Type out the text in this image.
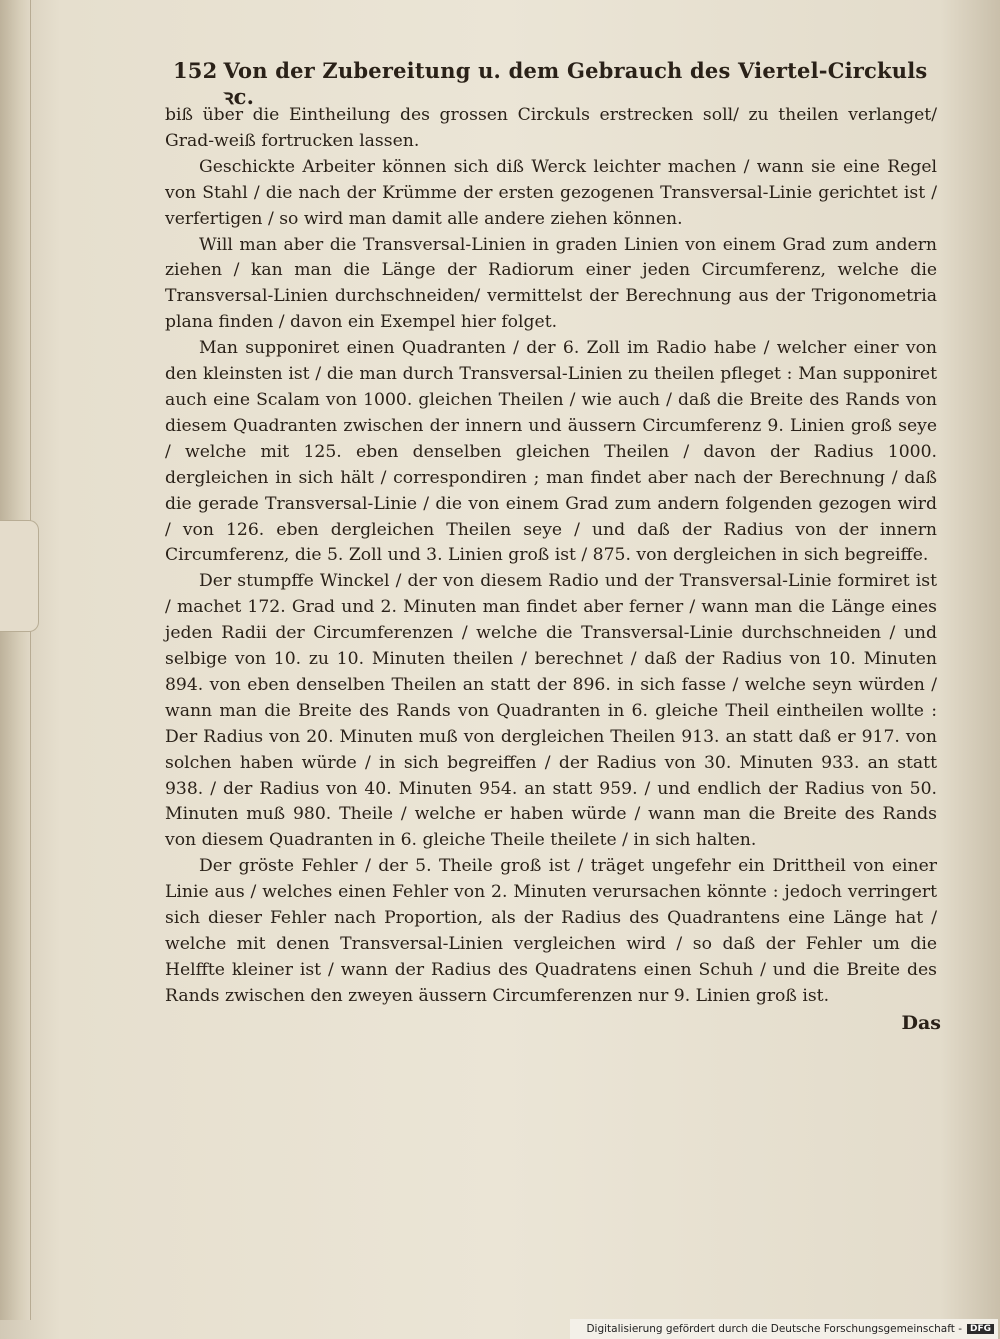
152 Von der Zubereitung u. dem Gebrauch des Viertel-Circkuls ꝛc.

biß über die Eintheilung des grossen Circkuls erstrecken soll/ zu theilen verlanget/ Grad-weiß fortrucken lassen.

Geschickte Arbeiter können sich diß Werck leichter machen / wann sie eine Regel von Stahl / die nach der Krümme der ersten gezogenen Transversal-Linie gerichtet ist / verfertigen / so wird man damit alle andere ziehen können.

Will man aber die Transversal-Linien in graden Linien von einem Grad zum andern ziehen / kan man die Länge der Radiorum einer jeden Circumferenz, welche die Transversal-Linien durchschneiden/ vermittelst der Berechnung aus der Trigonometria plana finden / davon ein Exempel hier folget.

Man supponiret einen Quadranten / der 6. Zoll im Radio habe / welcher einer von den kleinsten ist / die man durch Transversal-Linien zu theilen pfleget : Man supponiret auch eine Scalam von 1000. gleichen Theilen / wie auch / daß die Breite des Rands von diesem Quadranten zwischen der innern und äussern Circumferenz 9. Linien groß seye / welche mit 125. eben denselben gleichen Theilen / davon der Radius 1000. dergleichen in sich hält / correspondiren ; man findet aber nach der Berechnung / daß die gerade Transversal-Linie / die von einem Grad zum andern folgenden gezogen wird / von 126. eben dergleichen Theilen seye / und daß der Radius von der innern Circumferenz, die 5. Zoll und 3. Linien groß ist / 875. von dergleichen in sich begreiffe.

Der stumpffe Winckel / der von diesem Radio und der Transversal-Linie formiret ist / machet 172. Grad und 2. Minuten man findet aber ferner / wann man die Länge eines jeden Radii der Circumferenzen / welche die Transversal-Linie durchschneiden / und selbige von 10. zu 10. Minuten theilen / berechnet / daß der Radius von 10. Minuten 894. von eben denselben Theilen an statt der 896. in sich fasse / welche seyn würden / wann man die Breite des Rands von Quadranten in 6. gleiche Theil eintheilen wollte : Der Radius von 20. Minuten muß von dergleichen Theilen 913. an statt daß er 917. von solchen haben würde / in sich begreiffen / der Radius von 30. Minuten 933. an statt 938. / der Radius von 40. Minuten 954. an statt 959. / und endlich der Radius von 50. Minuten muß 980. Theile / welche er haben würde / wann man die Breite des Rands von diesem Quadranten in 6. gleiche Theile theilete / in sich halten.

Der gröste Fehler / der 5. Theile groß ist / träget ungefehr ein Drittheil von einer Linie aus / welches einen Fehler von 2. Minuten verursachen könnte : jedoch verringert sich dieser Fehler nach Proportion, als der Radius des Quadrantens eine Länge hat / welche mit denen Transversal-Linien vergleichen wird / so daß der Fehler um die Helffte kleiner ist / wann der Radius des Quadratens einen Schuh / und die Breite des Rands zwischen den zweyen äussern Circumferenzen nur 9. Linien groß ist.

Das
Digitalisierung gefördert durch die Deutsche Forschungsgemeinschaft - DFG
